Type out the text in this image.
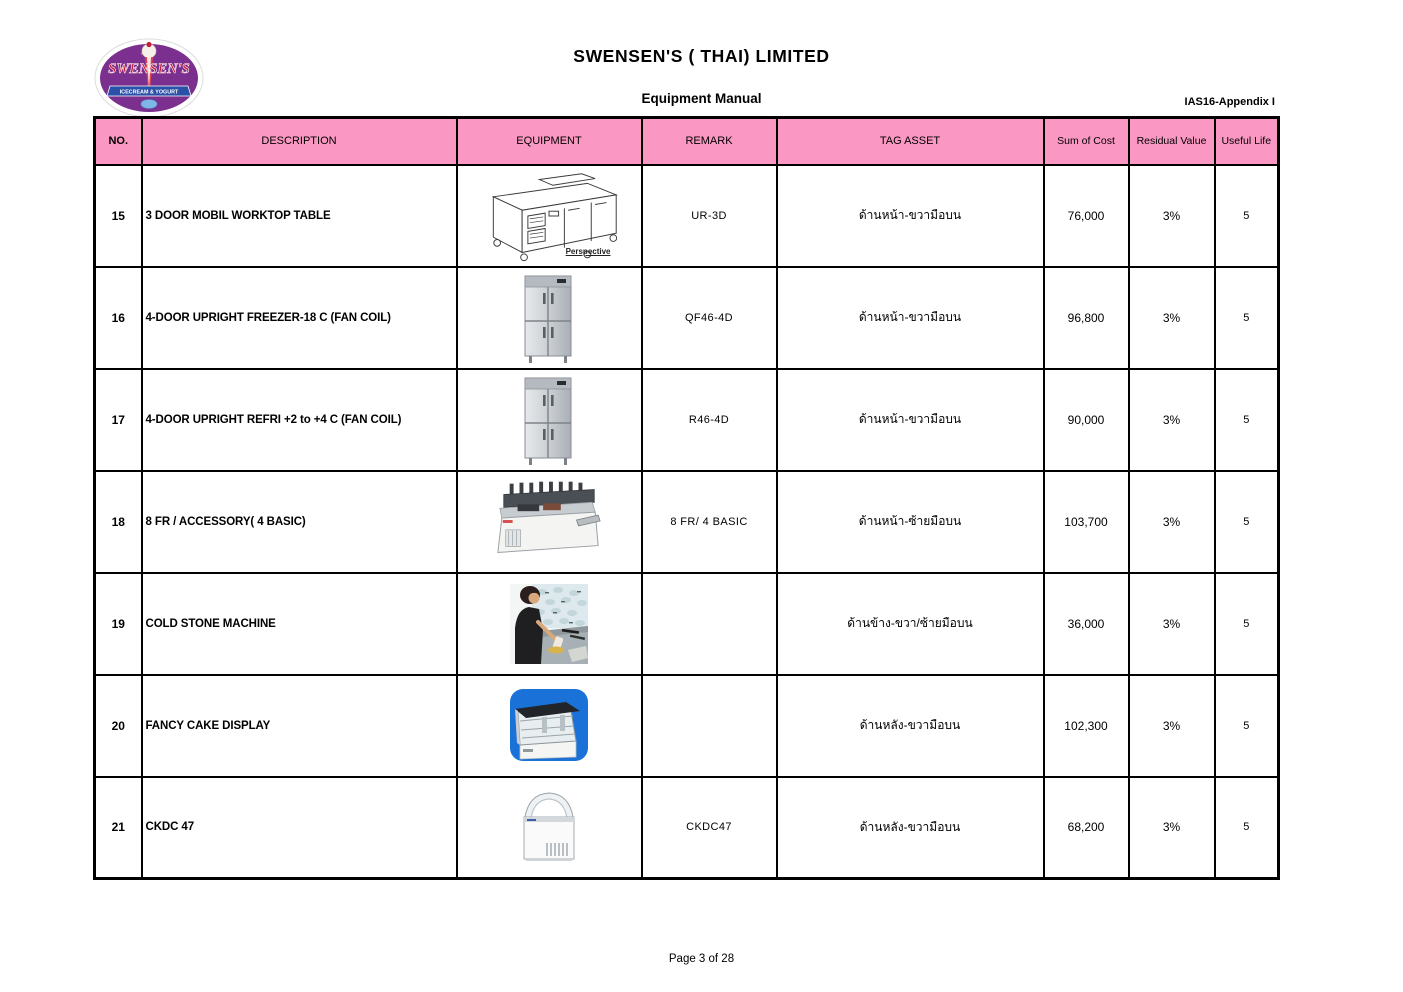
SWENSEN'S
ICECREAM & YOGURT
SWENSEN'S ( THAI) LIMITED
Equipment Manual	IAS16-Appendix I
NO.	DESCRIPTION	EQUIPMENT	REMARK	TAG ASSET	Sum of Cost	Residual Value	Useful Life
15	3 DOOR MOBIL WORKTOP TABLE	Perspective	UR-3D	ด้านหน้า-ขวามือบน	76,000	3%	5
16	4-DOOR UPRIGHT FREEZER-18 C (FAN COIL)		QF46-4D	ด้านหน้า-ขวามือบน	96,800	3%	5
17	4-DOOR UPRIGHT REFRI +2 to +4 C (FAN COIL)		R46-4D	ด้านหน้า-ขวามือบน	90,000	3%	5
18	8 FR / ACCESSORY( 4 BASIC)		8 FR/ 4 BASIC	ด้านหน้า-ซ้ายมือบน	103,700	3%	5
19	COLD STONE MACHINE			ด้านข้าง-ขวา/ซ้ายมือบน	36,000	3%	5
20	FANCY CAKE DISPLAY			ด้านหลัง-ขวามือบน	102,300	3%	5
21	CKDC 47		CKDC47	ด้านหลัง-ขวามือบน	68,200	3%	5
Page 3 of 28
